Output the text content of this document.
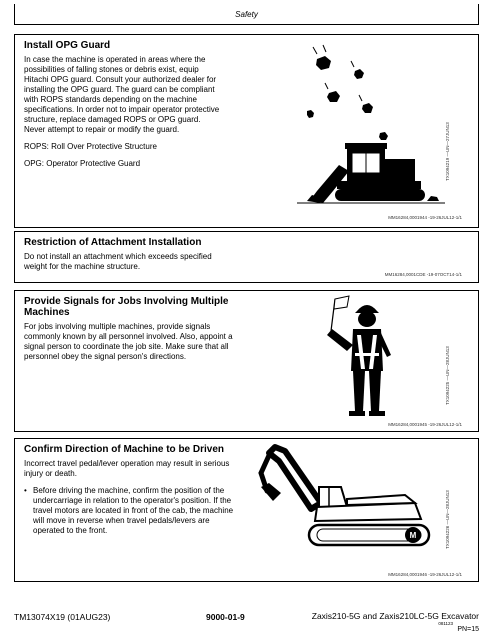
Safety
Install OPG Guard

In case the machine is operated in areas where the possibilities of falling stones or debris exist, equip Hitachi OPG guard. Consult your authorized dealer for installing the OPG guard. The guard can be compliant with ROPS standards depending on the machine specifications. In order not to impair operator protective structure, replace damaged ROPS or OPG guard. Never attempt to repair or modify the guard.

ROPS: Roll Over Protective Structure

OPG: Operator Protective Guard	TX1094219 —UN—27JUN13
MM16284,0001944 -19-26JUL12-1/1
Restriction of Attachment Installation

Do not install an attachment which exceeds specified weight for the machine structure.

MM16284,0001CDE -19-07OCT14-1/1
Provide Signals for Jobs Involving Multiple Machines

For jobs involving multiple machines, provide signals commonly known by all personnel involved. Also, appoint a signal person to coordinate the job site. Make sure that all personnel obey the signal person's directions.	TX1094225 —UN—28JUN13
MM16284,0001945 -19-26JUL12-1/1
Confirm Direction of Machine to be Driven

Incorrect travel pedal/lever operation may result in serious injury or death.

• Before driving the machine, confirm the position of the undercarriage in relation to the operator's position. If the travel motors are located in front of the cab, the machine will move in reverse when travel pedals/levers are operated to the front.
M	TX1094226 —UN—28JUN13
MM16284,0001946 -19-26JUL12-1/1
TM13074X19 (01AUG23)	9000-01-9	Zaxis210-5G and Zaxis210LC-5G Excavator
081123
PN=15
